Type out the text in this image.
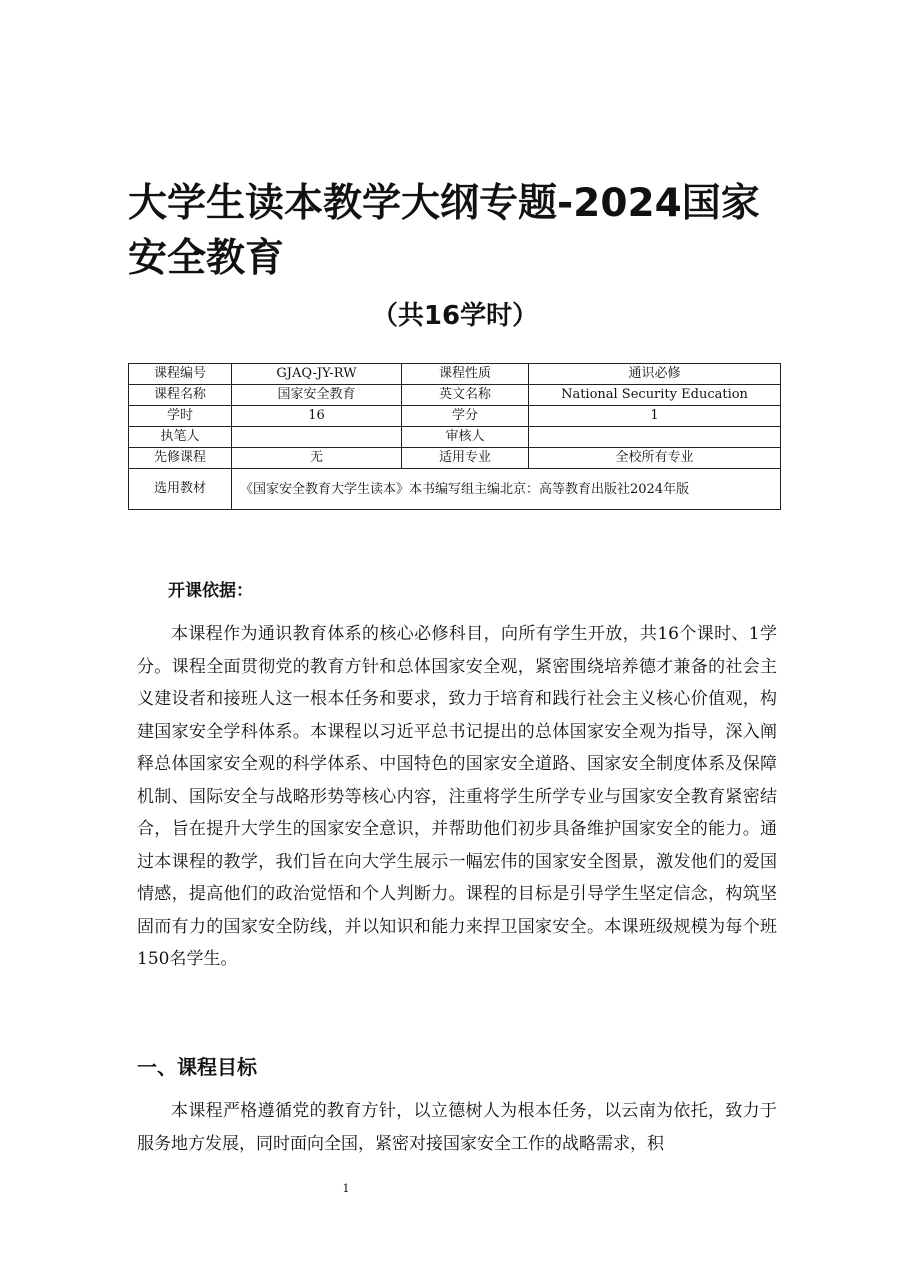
大学生读本教学大纲专题-2024国家安全教育
（共16学时）
课程编号	GJAQ-JY-RW	课程性质	通识必修
课程名称	国家安全教育	英文名称	National Security Education
学时	16	学分	1
执笔人		审核人	
先修课程	无	适用专业	全校所有专业
选用教材	《国家安全教育大学生读本》本书编写组主编北京：高等教育出版社2024年版		
开课依据：

本课程作为通识教育体系的核心必修科目，向所有学生开放，共16个课时、1学分。课程全面贯彻党的教育方针和总体国家安全观，紧密围绕培养德才兼备的社会主义建设者和接班人这一根本任务和要求，致力于培育和践行社会主义核心价值观，构建国家安全学科体系。本课程以习近平总书记提出的总体国家安全观为指导，深入阐释总体国家安全观的科学体系、中国特色的国家安全道路、国家安全制度体系及保障机制、国际安全与战略形势等核心内容，注重将学生所学专业与国家安全教育紧密结合，旨在提升大学生的国家安全意识，并帮助他们初步具备维护国家安全的能力。通过本课程的教学，我们旨在向大学生展示一幅宏伟的国家安全图景，激发他们的爱国情感，提高他们的政治觉悟和个人判断力。课程的目标是引导学生坚定信念，构筑坚固而有力的国家安全防线，并以知识和能力来捍卫国家安全。本课班级规模为每个班150名学生。

一、课程目标

本课程严格遵循党的教育方针，以立德树人为根本任务，以云南为依托，致力于服务地方发展，同时面向全国，紧密对接国家安全工作的战略需求，积

1
